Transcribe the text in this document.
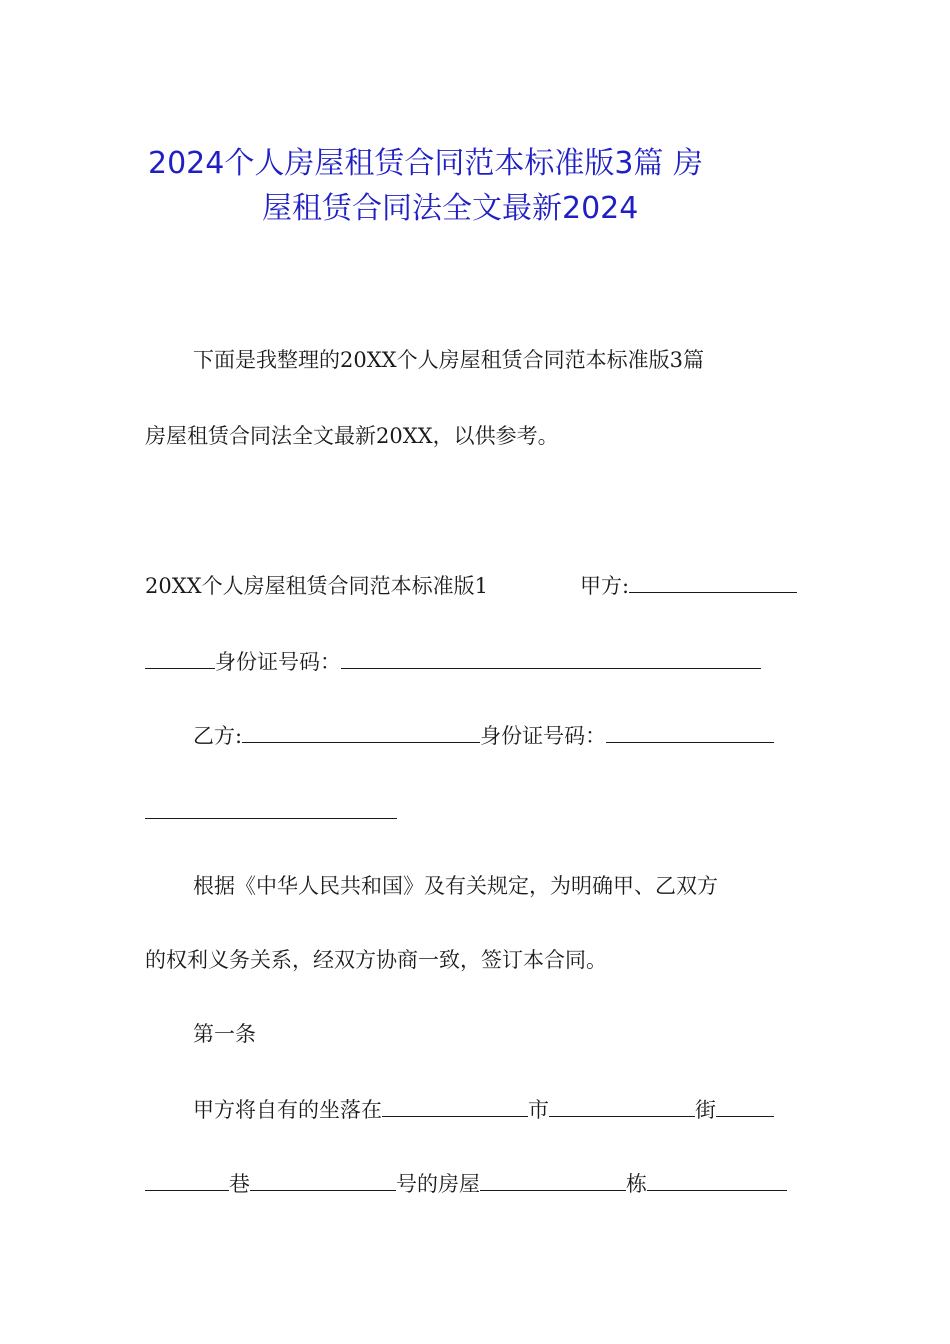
2024个人房屋租赁合同范本标准版3篇 房
屋租赁合同法全文最新2024
下面是我整理的20XX个人房屋租赁合同范本标准版3篇
房屋租赁合同法全文最新20XX，以供参考。
20XX个人房屋租赁合同范本标准版1	甲方:
身份证号码：
乙方:	身份证号码：
根据《中华人民共和国》及有关规定，为明确甲、乙双方
的权利义务关系，经双方协商一致，签订本合同。
第一条
甲方将自有的坐落在	市	街
巷	号的房屋	栋
